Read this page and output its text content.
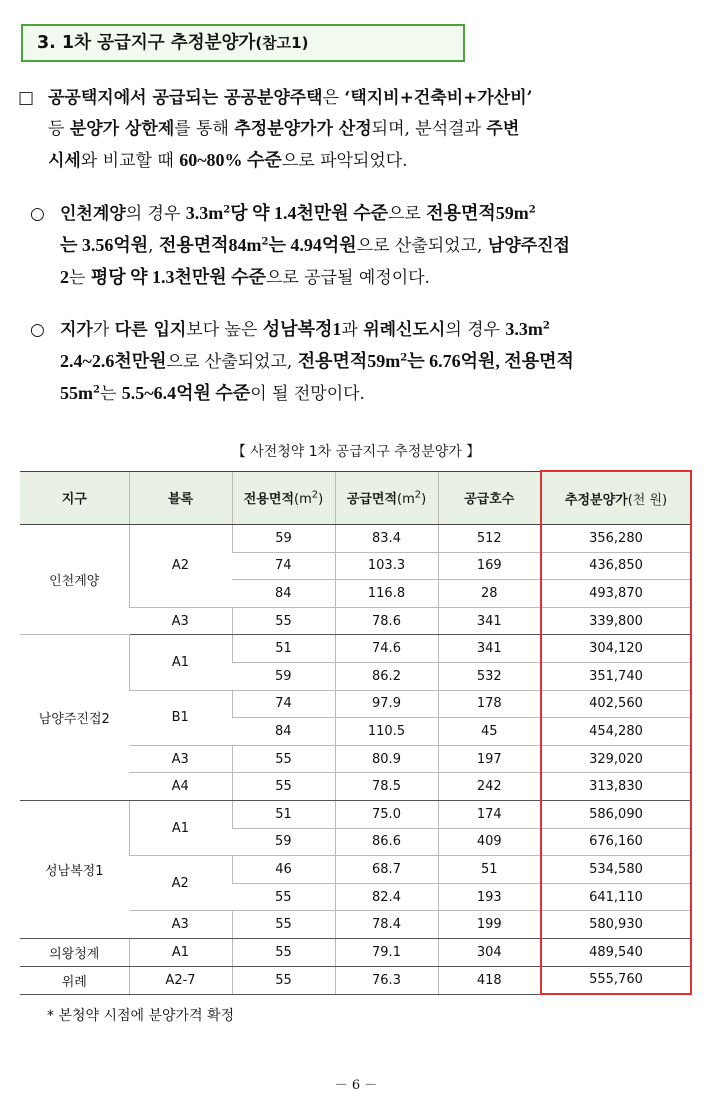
3. 1차 공급지구 추정분양가(참고1)
□ 공공택지에서 공급되는 공공분양주택은 ‘택지비+건축비+가산비’
등 분양가 상한제를 통해 추정분양가가 산정되며, 분석결과 주변
시세와 비교할 때 60~80% 수준으로 파악되었다.
○ 인천계양의 경우 $3.3m^2$당 약 1.4천만원 수준으로 전용면적$59m^2$
는 3.56억원, 전용면적$84m^2$는 4.94억원으로 산출되었고, 남양주진접
2는 평당 약 1.3천만원 수준으로 공급될 예정이다.
○ 지가가 다른 입지보다 높은 성남복정1과 위례신도시의 경우 $3.3m^2$
2.4~2.6천만원으로 산출되었고, 전용면적$59m^2$는 6.76억원, 전용면적
$55m^2$는 5.5~6.4억원 수준이 될 전망이다.
【 사전청약 1차 공급지구 추정분양가 】
지구	블록	전용면적$(m^2)$	공급면적$(m^2)$	공급호수	추정분양가(천 원)
인천계양	A2	59	83.4	512	356,280
		74	103.3	169	436,850
		84	116.8	28	493,870
	A3	55	78.6	341	339,800
남양주진접2	A1	51	74.6	341	304,120
		59	86.2	532	351,740
	B1	74	97.9	178	402,560
		84	110.5	45	454,280
	A3	55	80.9	197	329,020
	A4	55	78.5	242	313,830
성남복정1	A1	51	75.0	174	586,090
		59	86.6	409	676,160
	A2	46	68.7	51	534,580
		55	82.4	193	641,110
	A3	55	78.4	199	580,930
의왕청계	A1	55	79.1	304	489,540
위례	A2-7	55	76.3	418	555,760
* 본청약 시점에 분양가격 확정
－ 6 －
